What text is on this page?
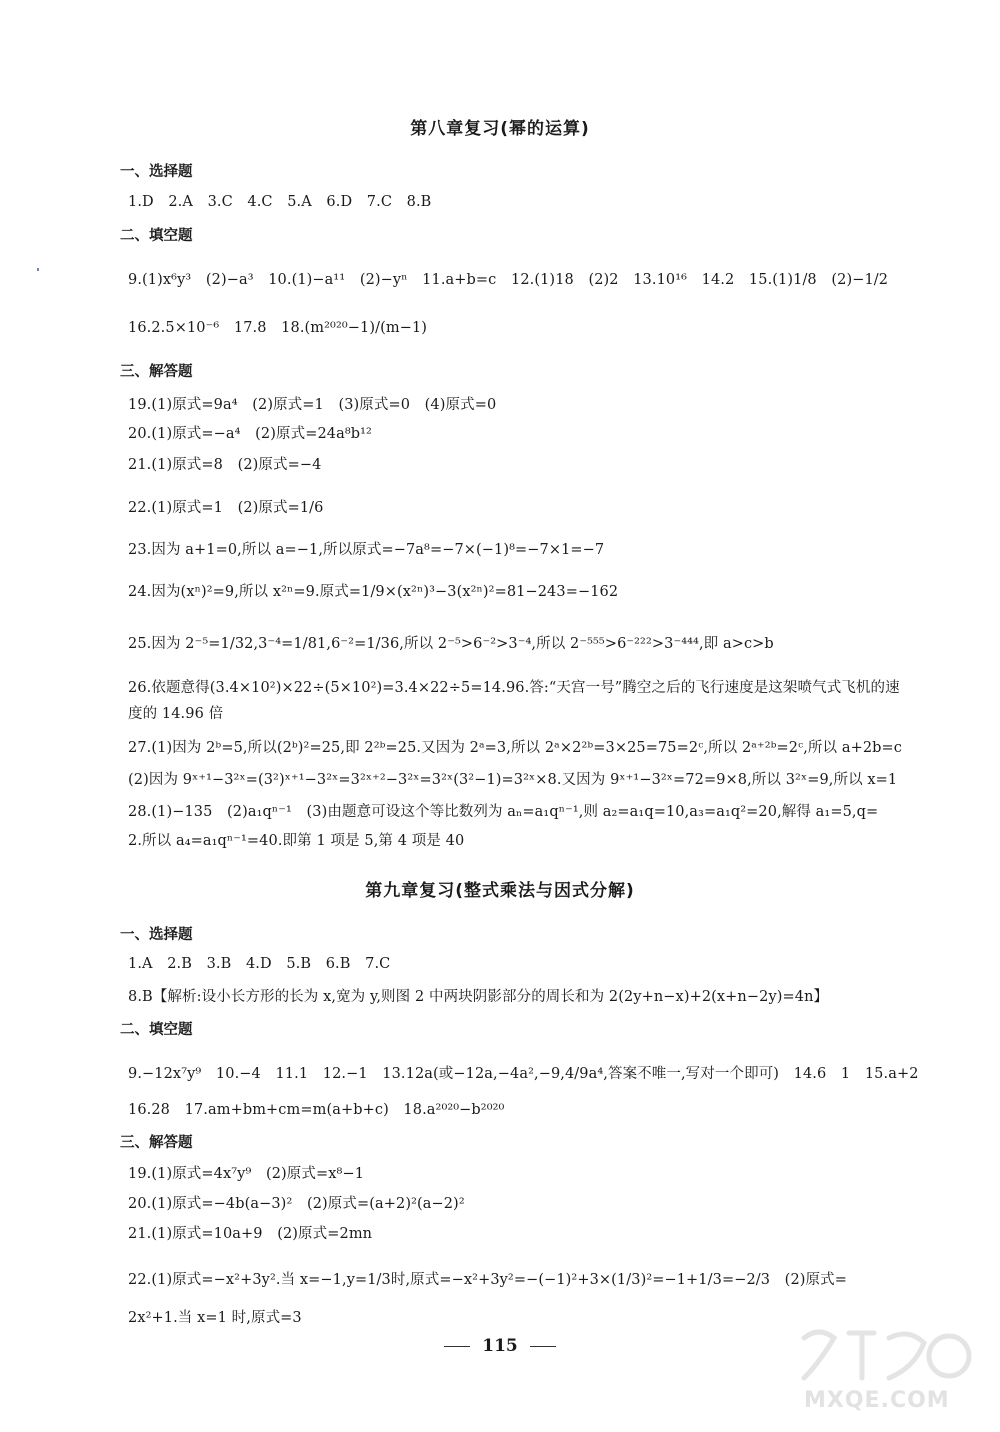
第八章复习(幂的运算)
一、选择题
1.D　2.A　3.C　4.C　5.A　6.D　7.C　8.B
二、填空题
9.(1)x⁶y³　(2)−a³　10.(1)−a¹¹　(2)−yⁿ　11.a+b=c　12.(1)18　(2)2　13.10¹⁶　14.2　15.(1)1/8　(2)−1/2
16.2.5×10⁻⁶　17.8　18.(m²⁰²⁰−1)/(m−1)
三、解答题
19.(1)原式=9a⁴　(2)原式=1　(3)原式=0　(4)原式=0
20.(1)原式=−a⁴　(2)原式=24a⁸b¹²
21.(1)原式=8　(2)原式=−4
22.(1)原式=1　(2)原式=1/6
23.因为 a+1=0,所以 a=−1,所以原式=−7a⁸=−7×(−1)⁸=−7×1=−7
24.因为(xⁿ)²=9,所以 x²ⁿ=9.原式=1/9×(x²ⁿ)³−3(x²ⁿ)²=81−243=−162
25.因为 2⁻⁵=1/32,3⁻⁴=1/81,6⁻²=1/36,所以 2⁻⁵>6⁻²>3⁻⁴,所以 2⁻⁵⁵⁵>6⁻²²²>3⁻⁴⁴⁴,即 a>c>b
26.依题意得(3.4×10²)×22÷(5×10²)=3.4×22÷5=14.96.答:“天宫一号”腾空之后的飞行速度是这架喷气式飞机的速
度的 14.96 倍
27.(1)因为 2ᵇ=5,所以(2ᵇ)²=25,即 2²ᵇ=25.又因为 2ᵃ=3,所以 2ᵃ×2²ᵇ=3×25=75=2ᶜ,所以 2ᵃ⁺²ᵇ=2ᶜ,所以 a+2b=c
(2)因为 9ˣ⁺¹−3²ˣ=(3²)ˣ⁺¹−3²ˣ=3²ˣ⁺²−3²ˣ=3²ˣ(3²−1)=3²ˣ×8.又因为 9ˣ⁺¹−3²ˣ=72=9×8,所以 3²ˣ=9,所以 x=1
28.(1)−135　(2)a₁qⁿ⁻¹　(3)由题意可设这个等比数列为 aₙ=a₁qⁿ⁻¹,则 a₂=a₁q=10,a₃=a₁q²=20,解得 a₁=5,q=
2.所以 a₄=a₁qⁿ⁻¹=40.即第 1 项是 5,第 4 项是 40
第九章复习(整式乘法与因式分解)
一、选择题
1.A　2.B　3.B　4.D　5.B　6.B　7.C
8.B【解析:设小长方形的长为 x,宽为 y,则图 2 中两块阴影部分的周长和为 2(2y+n−x)+2(x+n−2y)=4n】
二、填空题
9.−12x⁷y⁹　10.−4　11.1　12.−1　13.12a(或−12a,−4a²,−9,4/9a⁴,答案不唯一,写对一个即可)　14.6　1　15.a+2
16.28　17.am+bm+cm=m(a+b+c)　18.a²⁰²⁰−b²⁰²⁰
三、解答题
19.(1)原式=4x⁷y⁹　(2)原式=x⁸−1
20.(1)原式=−4b(a−3)²　(2)原式=(a+2)²(a−2)²
21.(1)原式=10a+9　(2)原式=2mn
22.(1)原式=−x²+3y².当 x=−1,y=1/3时,原式=−x²+3y²=−(−1)²+3×(1/3)²=−1+1/3=−2/3　(2)原式=
2x²+1.当 x=1 时,原式=3
115
MXQE.COM
